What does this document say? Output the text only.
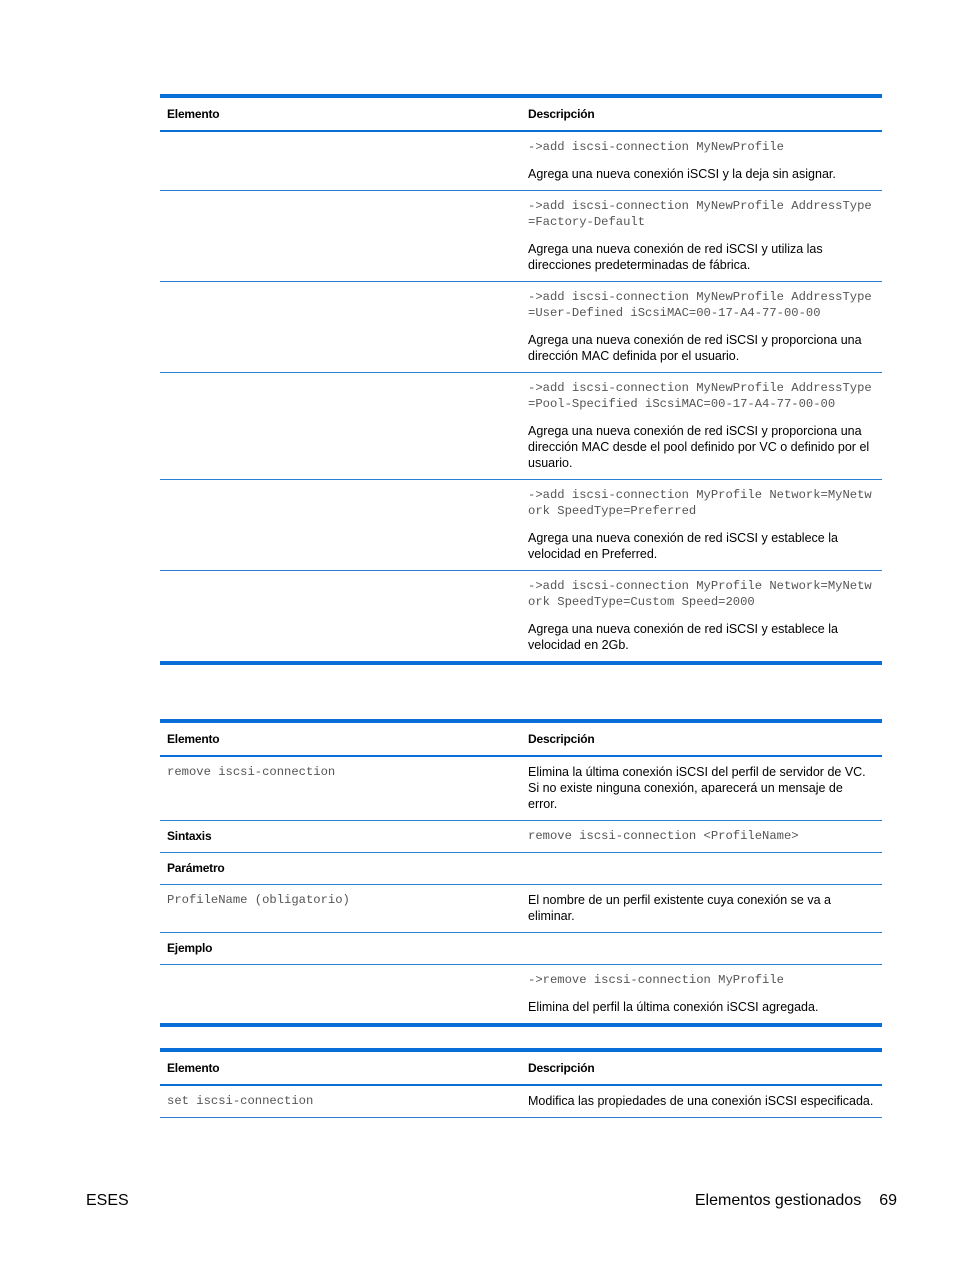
Elemento	Descripción

	->add iscsi-connection MyNewProfile
Agrega una nueva conexión iSCSI y la deja sin asignar.

	->add iscsi-connection MyNewProfile AddressType=Factory-Default
Agrega una nueva conexión de red iSCSI y utiliza las direcciones predeterminadas de fábrica.

	->add iscsi-connection MyNewProfile AddressType=User-Defined iScsiMAC=00-17-A4-77-00-00
Agrega una nueva conexión de red iSCSI y proporciona una dirección MAC definida por el usuario.

	->add iscsi-connection MyNewProfile AddressType=Pool-Specified iScsiMAC=00-17-A4-77-00-00
Agrega una nueva conexión de red iSCSI y proporciona una dirección MAC desde el pool definido por VC o definido por el usuario.

	->add iscsi-connection MyProfile Network=MyNetwork SpeedType=Preferred
Agrega una nueva conexión de red iSCSI y establece la velocidad en Preferred.

	->add iscsi-connection MyProfile Network=MyNetwork SpeedType=Custom Speed=2000
Agrega una nueva conexión de red iSCSI y establece la velocidad en 2Gb.
Elemento	Descripción

remove iscsi-connection	Elimina la última conexión iSCSI del perfil de servidor de VC. Si no existe ninguna conexión, aparecerá un mensaje de error.
Sintaxis	remove iscsi-connection <ProfileName>

Parámetro	

ProfileName (obligatorio)	El nombre de un perfil existente cuya conexión se va a eliminar.
Ejemplo	

	->remove iscsi-connection MyProfile
Elimina del perfil la última conexión iSCSI agregada.
Elemento	Descripción

set iscsi-connection	Modifica las propiedades de una conexión iSCSI especificada.
ESES	Elementos gestionados 69
